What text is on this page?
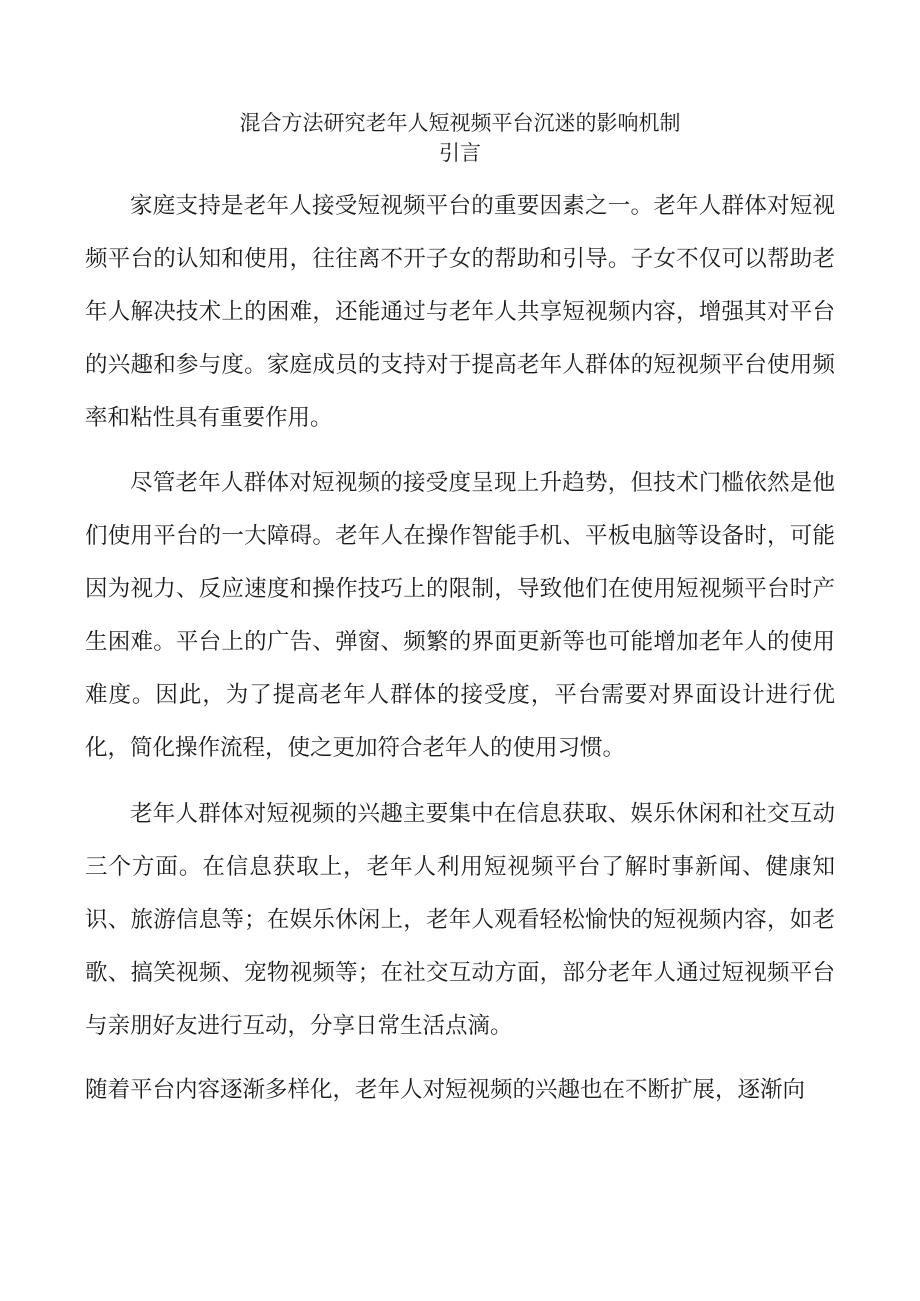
混合方法研究老年人短视频平台沉迷的影响机制
引言

家庭支持是老年人接受短视频平台的重要因素之一。老年人群体对短视频平台的认知和使用，往往离不开子女的帮助和引导。子女不仅可以帮助老年人解决技术上的困难，还能通过与老年人共享短视频内容，增强其对平台的兴趣和参与度。家庭成员的支持对于提高老年人群体的短视频平台使用频率和粘性具有重要作用。

尽管老年人群体对短视频的接受度呈现上升趋势，但技术门槛依然是他们使用平台的一大障碍。老年人在操作智能手机、平板电脑等设备时，可能因为视力、反应速度和操作技巧上的限制，导致他们在使用短视频平台时产生困难。平台上的广告、弹窗、频繁的界面更新等也可能增加老年人的使用难度。因此，为了提高老年人群体的接受度，平台需要对界面设计进行优化，简化操作流程，使之更加符合老年人的使用习惯。

老年人群体对短视频的兴趣主要集中在信息获取、娱乐休闲和社交互动三个方面。在信息获取上，老年人利用短视频平台了解时事新闻、健康知识、旅游信息等；在娱乐休闲上，老年人观看轻松愉快的短视频内容，如老歌、搞笑视频、宠物视频等；在社交互动方面，部分老年人通过短视频平台与亲朋好友进行互动，分享日常生活点滴。

随着平台内容逐渐多样化，老年人对短视频的兴趣也在不断扩展，逐渐向
